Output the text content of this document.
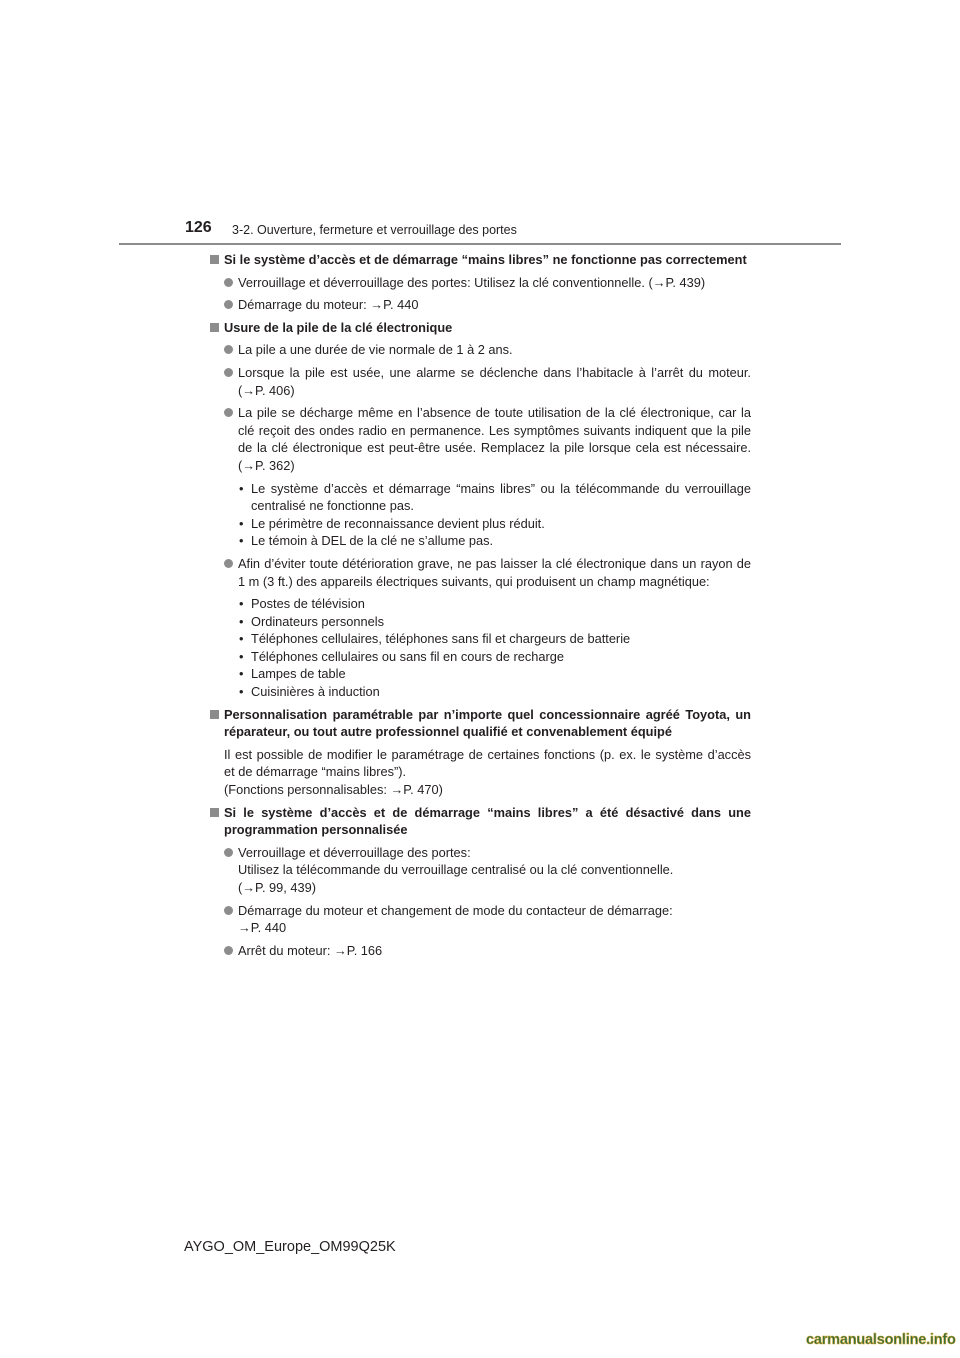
126 3-2. Ouverture, fermeture et verrouillage des portes
Si le système d’accès et de démarrage “mains libres” ne fonctionne pas correctement
Verrouillage et déverrouillage des portes: Utilisez la clé conventionnelle. (→P. 439)
Démarrage du moteur: →P. 440
Usure de la pile de la clé électronique
La pile a une durée de vie normale de 1 à 2 ans.
Lorsque la pile est usée, une alarme se déclenche dans l’habitacle à l’arrêt du moteur. (→P. 406)
La pile se décharge même en l’absence de toute utilisation de la clé électronique, car la clé reçoit des ondes radio en permanence. Les symptômes suivants indiquent que la pile de la clé électronique est peut-être usée. Remplacez la pile lorsque cela est nécessaire. (→P. 362)
• Le système d’accès et démarrage “mains libres” ou la télécommande du verrouillage centralisé ne fonctionne pas.
• Le périmètre de reconnaissance devient plus réduit.
• Le témoin à DEL de la clé ne s’allume pas.
Afin d’éviter toute détérioration grave, ne pas laisser la clé électronique dans un rayon de 1 m (3 ft.) des appareils électriques suivants, qui produisent un champ magnétique:
• Postes de télévision
• Ordinateurs personnels
• Téléphones cellulaires, téléphones sans fil et chargeurs de batterie
• Téléphones cellulaires ou sans fil en cours de recharge
• Lampes de table
• Cuisinières à induction
Personnalisation paramétrable par n’importe quel concessionnaire agréé Toyota, un réparateur, ou tout autre professionnel qualifié et convenablement équipé
Il est possible de modifier le paramétrage de certaines fonctions (p. ex. le système d’accès et de démarrage “mains libres”).
(Fonctions personnalisables: →P. 470)
Si le système d’accès et de démarrage “mains libres” a été désactivé dans une programmation personnalisée
Verrouillage et déverrouillage des portes:
Utilisez la télécommande du verrouillage centralisé ou la clé conventionnelle.
(→P. 99, 439)
Démarrage du moteur et changement de mode du contacteur de démarrage:
→P. 440
Arrêt du moteur: →P. 166
AYGO_OM_Europe_OM99Q25K
carmanualsonline.info
